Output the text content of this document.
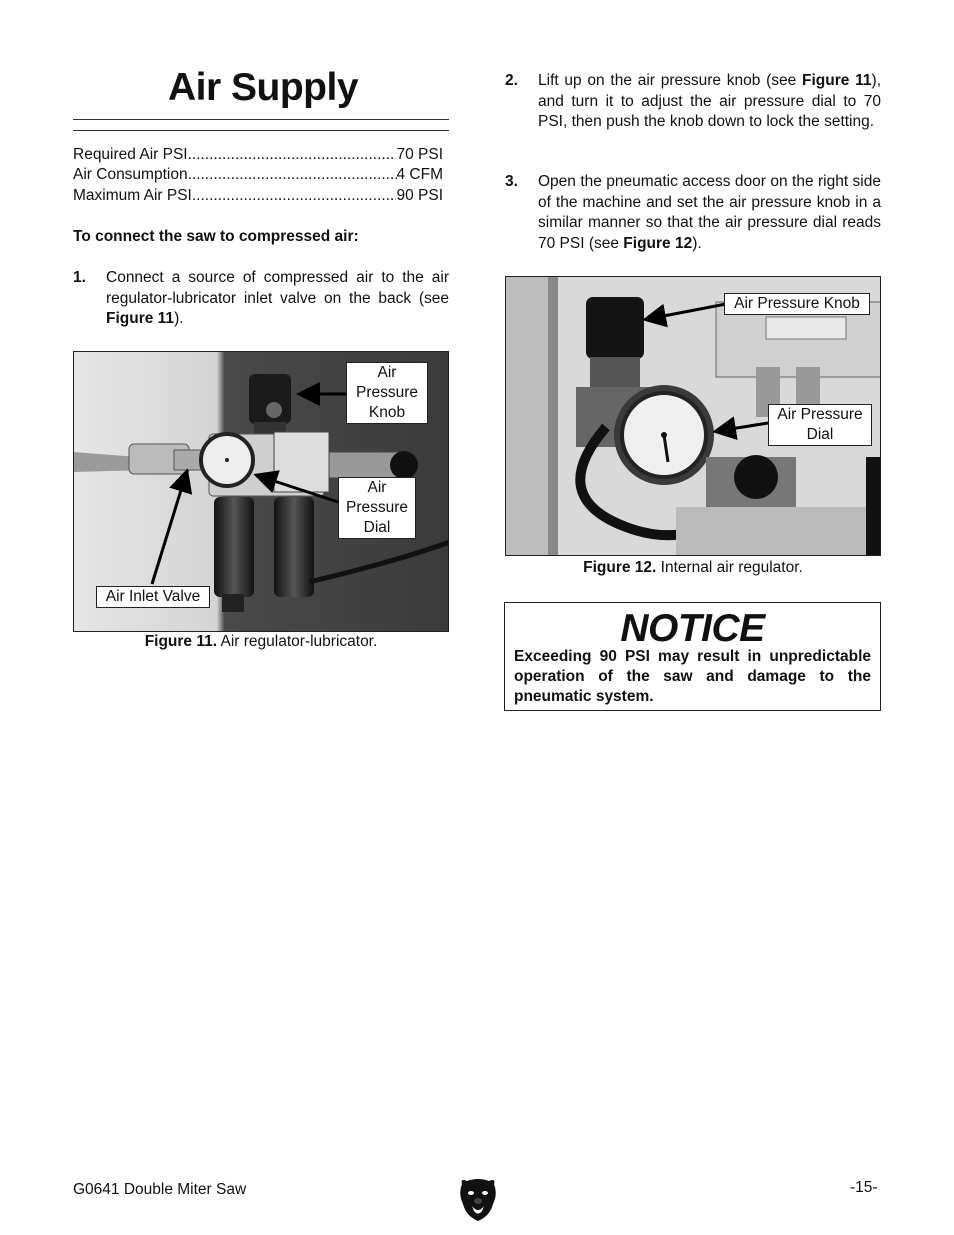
Air Supply
Required Air PSI .....	70 PSI
Air Consumption .....	4 CFM
Maximum Air PSI .....	90 PSI
To connect the saw to compressed air:
1.	Connect a source of compressed air to the air regulator-lubricator inlet valve on the back (see Figure 11).
Air Pressure Knob
Air Pressure Dial
Air Inlet Valve
Figure 11. Air regulator-lubricator.
2.	Lift up on the air pressure knob (see Figure 11), and turn it to adjust the air pressure dial to 70 PSI, then push the knob down to lock the setting.
3.	Open the pneumatic access door on the right side of the machine and set the air pressure knob in a similar manner so that the air pressure dial reads 70 PSI (see Figure 12).
Air Pressure Knob
Air Pressure Dial
Figure 12. Internal air regulator.
NOTICE
Exceeding 90 PSI may result in unpredictable operation of the saw and damage to the pneumatic system.
G0641 Double Miter Saw	-15-
